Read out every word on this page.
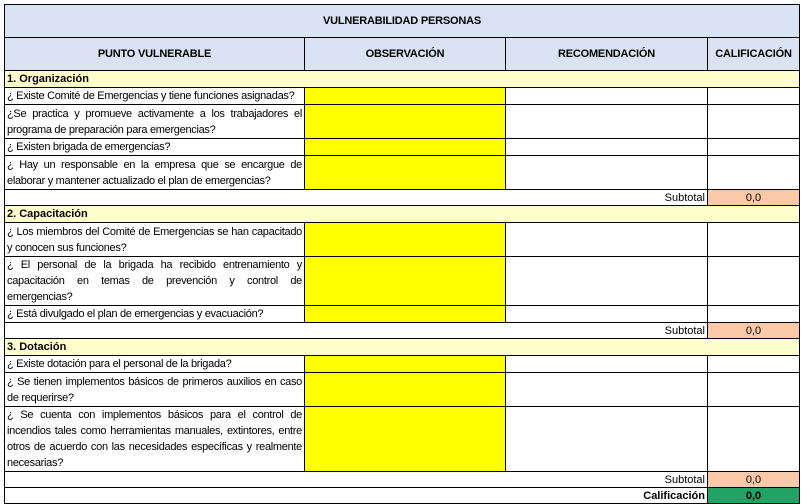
VULNERABILIDAD PERSONAS			
PUNTO VULNERABLE	OBSERVACIÓN	RECOMENDACIÓN	CALIFICACIÓN
1. Organización			
¿ Existe Comité de Emergencias y tiene funciones asignadas?			
¿Se practica y promueve activamente a los trabajadores el programa de preparación para emergencias?			
¿ Existen brigada de emergencias?			
¿ Hay un responsable en la empresa que se encargue de elaborar y mantener actualizado el plan de emergencias?			
Subtotal			0,0
2. Capacitación			
¿ Los miembros del Comité de Emergencias se han capacitado y conocen sus funciones?			
¿ El personal de la brigada ha recibido entrenamiento y capacitación en temas de prevención y control de emergencias?			
¿ Está divulgado el plan de emergencias y evacuación?			
Subtotal			0,0
3. Dotación			
¿ Existe dotación para el personal de la brigada?			
¿ Se tienen implementos básicos de primeros auxilios en caso de requerirse?			
¿ Se cuenta con implementos básicos para el control de incendios tales como herramientas manuales, extintores, entre otros de acuerdo con las necesidades específicas y realmente necesarias?			
Subtotal			0,0
Calificación			0,0
